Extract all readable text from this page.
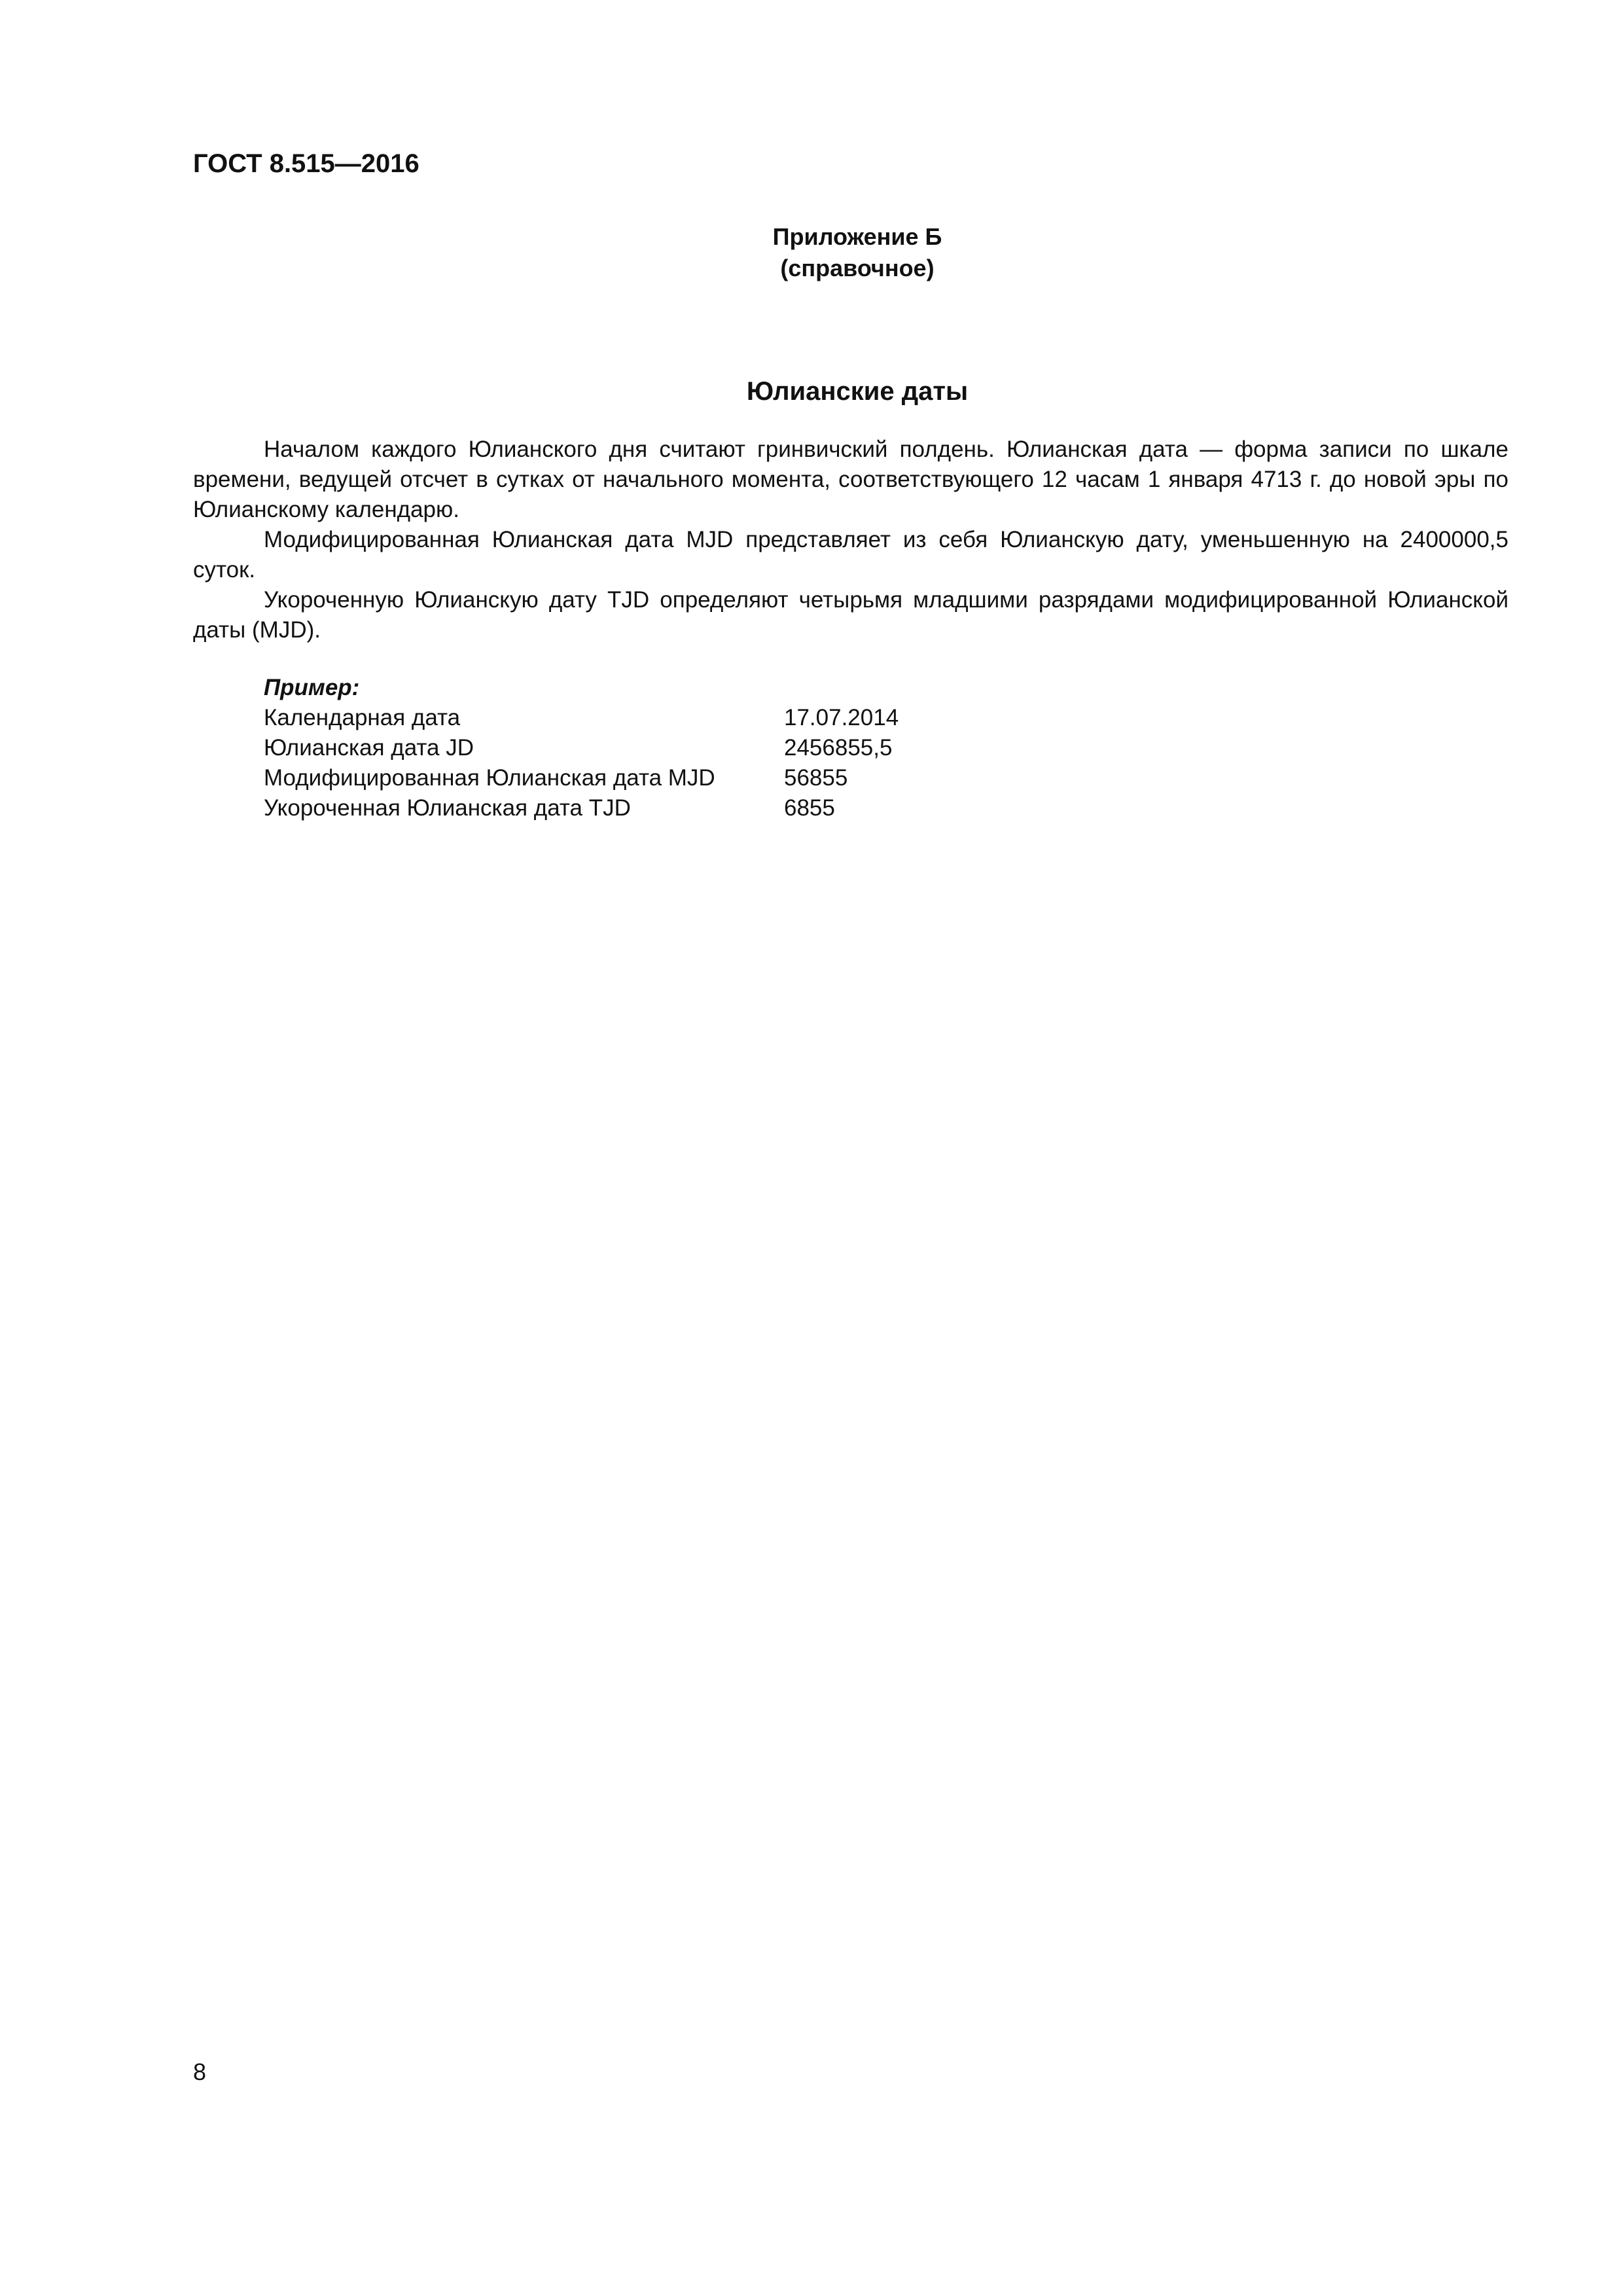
ГОСТ 8.515—2016
Приложение Б
(справочное)
Юлианские даты

Началом каждого Юлианского дня считают гринвичский полдень. Юлианская дата — форма записи по шкале времени, ведущей отсчет в сутках от начального момента, соответствующего 12 часам 1 января 4713 г. до новой эры по Юлианскому календарю.

Модифицированная Юлианская дата MJD представляет из себя Юлианскую дату, уменьшенную на 2400000,5 суток.

Укороченную Юлианскую дату TJD определяют четырьмя младшими разрядами модифицированной Юлианской даты (MJD).

Пример:
Календарная дата	17.07.2014
Юлианская дата JD	2456855,5
Модифицированная Юлианская дата MJD	56855
Укороченная Юлианская дата TJD	6855
8
